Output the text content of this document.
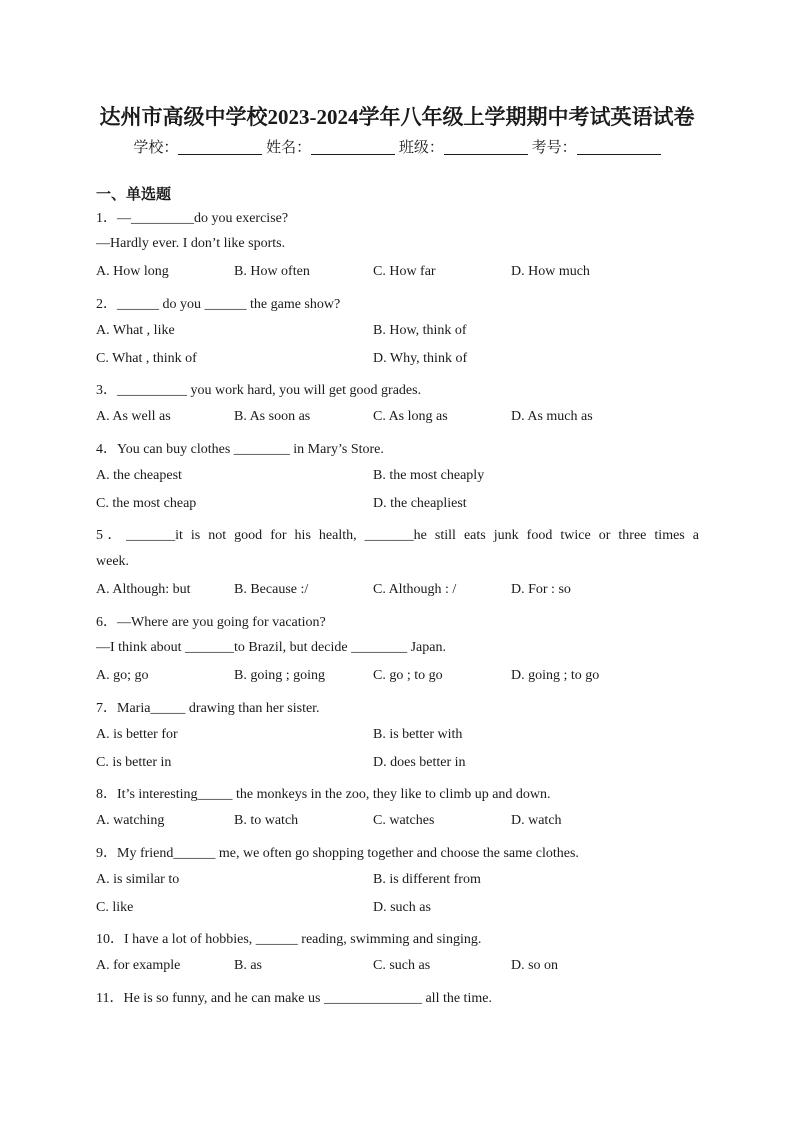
达州市高级中学校2023-2024学年八年级上学期期中考试英语试卷
学校：	姓名：	班级：	考号：
一、单选题
1．—_________do you exercise?
—Hardly ever. I don’t like sports.
A. How long	B. How often	C. How far	D. How much
2．______ do you ______ the game show?
A. What , like	B. How, think of
C. What , think of	D. Why, think of
3．__________ you work hard, you will get good grades.
A. As well as	B. As soon as	C. As long as	D. As much as
4．You can buy clothes ________ in Mary’s Store.
A. the cheapest	B. the most cheaply
C. the most cheap	D. the cheapliest
5．_______it is not good for his health, _______he still eats junk food twice or three times a
week.
A. Although: but	B. Because :/	C. Although : /	D. For : so
6．—Where are you going for vacation?
—I think about _______to Brazil, but decide ________ Japan.
A. go; go	B. going ; going	C. go ; to go	D. going ; to go
7．Maria_____ drawing than her sister.
A. is better for	B. is better with
C. is better in	D. does better in
8．It’s interesting_____ the monkeys in the zoo, they like to climb up and down.
A. watching	B. to watch	C. watches	D. watch
9．My friend______ me, we often go shopping together and choose the same clothes.
A. is similar to	B. is different from
C. like	D. such as
10．I have a lot of hobbies, ______ reading, swimming and singing.
A. for example	B. as	C. such as	D. so on
11．He is so funny, and he can make us ______________ all the time.
